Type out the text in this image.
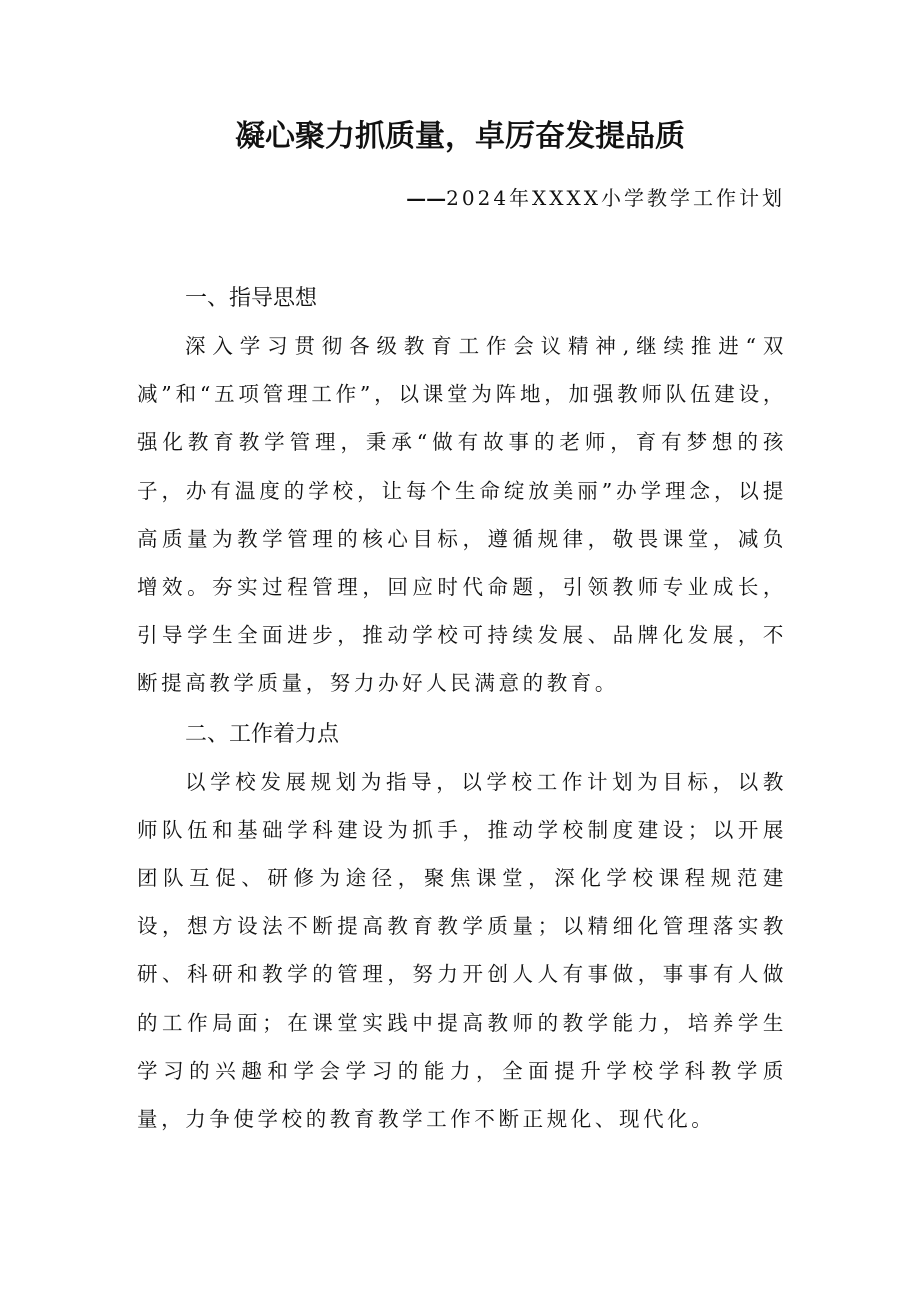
凝心聚力抓质量，卓厉奋发提品质

——2024年XXXX小学教学工作计划

一、指导思想

深入学习贯彻各级教育工作会议精神,继续推进“双减”和“五项管理工作”，以课堂为阵地，加强教师队伍建设，强化教育教学管理，秉承“做有故事的老师，育有梦想的孩子，办有温度的学校，让每个生命绽放美丽”办学理念，以提高质量为教学管理的核心目标，遵循规律，敬畏课堂，减负增效。夯实过程管理，回应时代命题，引领教师专业成长，引导学生全面进步，推动学校可持续发展、品牌化发展，不断提高教学质量，努力办好人民满意的教育。

二、工作着力点

以学校发展规划为指导，以学校工作计划为目标，以教师队伍和基础学科建设为抓手，推动学校制度建设；以开展团队互促、研修为途径，聚焦课堂，深化学校课程规范建设，想方设法不断提高教育教学质量；以精细化管理落实教研、科研和教学的管理，努力开创人人有事做，事事有人做的工作局面；在课堂实践中提高教师的教学能力，培养学生学习的兴趣和学会学习的能力，全面提升学校学科教学质量，力争使学校的教育教学工作不断正规化、现代化。
